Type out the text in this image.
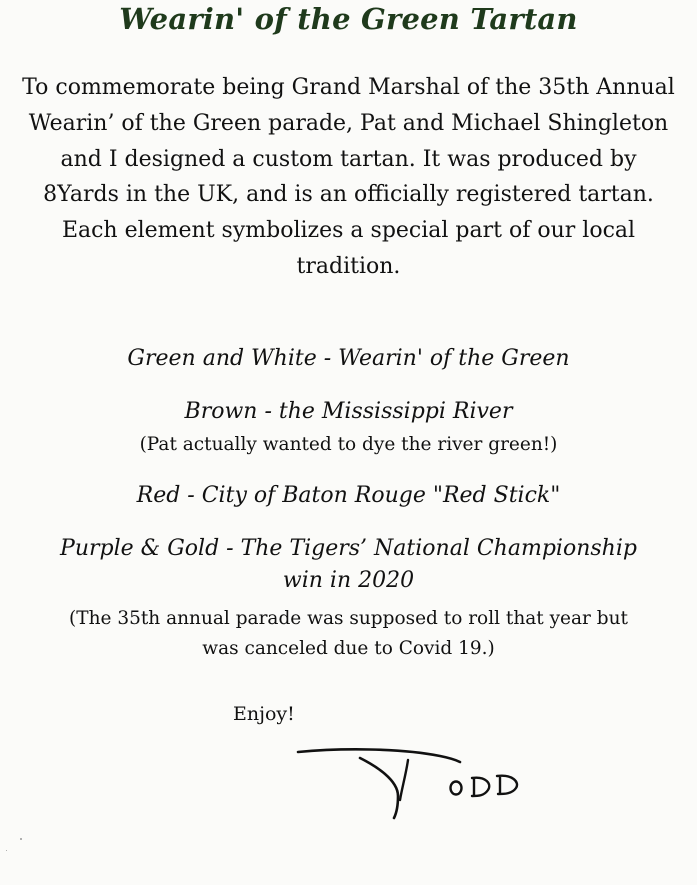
Wearin' of the Green Tartan

To commemorate being Grand Marshal of the 35th Annual Wearin’ of the Green parade, Pat and Michael Shingleton and I designed a custom tartan. It was produced by 8Yards in the UK, and is an officially registered tartan. Each element symbolizes a special part of our local tradition.

Green and White - Wearin' of the Green

Brown - the Mississippi River

(Pat actually wanted to dye the river green!)

Red - City of Baton Rouge "Red Stick"

Purple & Gold - The Tigers’ National Championship

win in 2020

(The 35th annual parade was supposed to roll that year but

was canceled due to Covid 19.)

Enjoy!
